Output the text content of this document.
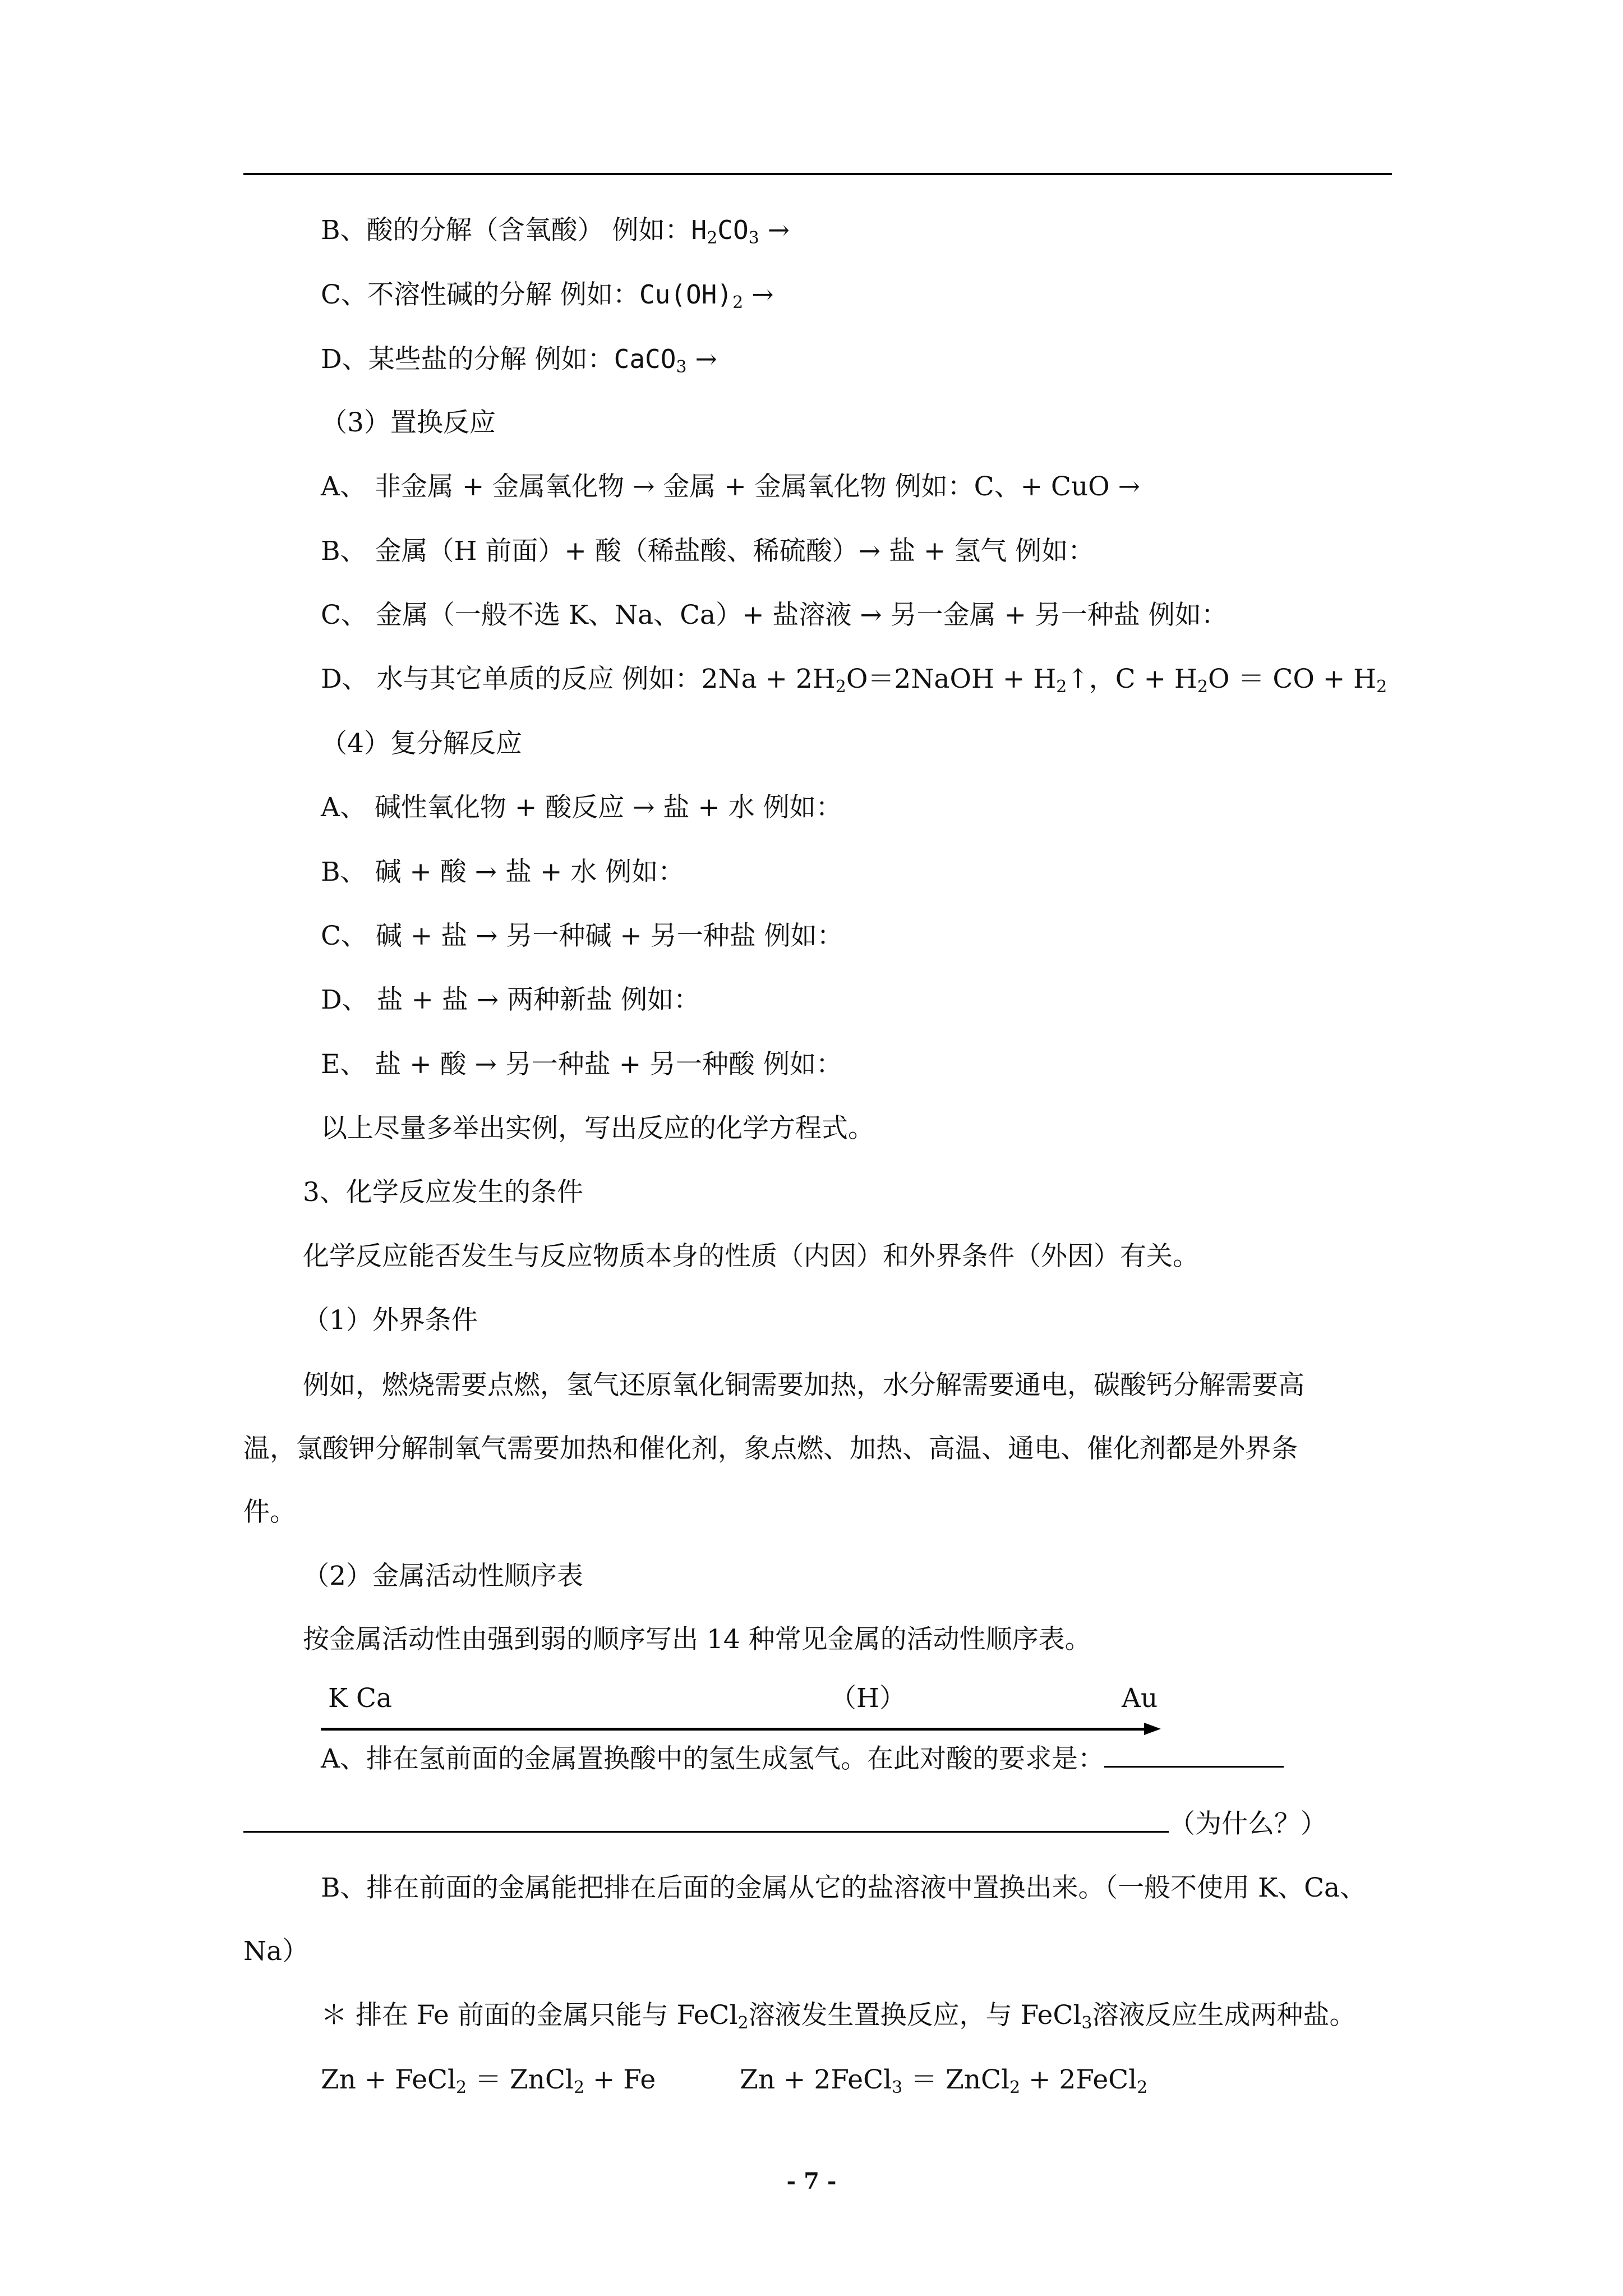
B、酸的分解（含氧酸） 例如：$H_2CO_3$ →

C、不溶性碱的分解 例如：$Cu(OH)_2$ →

D、某些盐的分解 例如：CaCO$_3$ →

（3）置换反应

A、 非金属 + 金属氧化物 → 金属 + 金属氧化物 例如：C、+ CuO →

B、 金属（H 前面）+ 酸（稀盐酸、稀硫酸）→ 盐 + 氢气 例如：

C、 金属（一般不选 K、Na、Ca）+ 盐溶液 → 另一金属 + 另一种盐 例如：

D、 水与其它单质的反应 例如：$2Na + 2H_2O=2NaOH$ + $H_2↑$，$C + H_2O$ ＝ CO + $H_2$

（4）复分解反应

A、 碱性氧化物 + 酸反应 → 盐 + 水 例如：

B、 碱 + 酸 → 盐 + 水 例如：

C、 碱 + 盐 → 另一种碱 + 另一种盐 例如：

D、 盐 + 盐 → 两种新盐 例如：

E、 盐 + 酸 → 另一种盐 + 另一种酸 例如：

以上尽量多举出实例，写出反应的化学方程式。

3、化学反应发生的条件

化学反应能否发生与反应物质本身的性质（内因）和外界条件（外因）有关。

（1）外界条件

例如，燃烧需要点燃，氢气还原氧化铜需要加热，水分解需要通电，碳酸钙分解需要高

温，氯酸钾分解制氧气需要加热和催化剂，象点燃、加热、高温、通电、催化剂都是外界条

件。

（2）金属活动性顺序表

按金属活动性由强到弱的顺序写出 14 种常见金属的活动性顺序表。

K Ca	（H）	Au

A、排在氢前面的金属置换酸中的氢生成氢气。在此对酸的要求是：

（为什么？）

B、排在前面的金属能把排在后面的金属从它的盐溶液中置换出来。（一般不使用 K、Ca、

Na）

＊ 排在 Fe 前面的金属只能与 FeCl$_2$溶液发生置换反应，与 FeCl$_3$溶液反应生成两种盐。

Zn + FeCl$_2$ ＝ ZnCl$_2$ + Fe	Zn + 2FeCl$_3$ ＝ ZnCl$_2$ + 2FeCl$_2$

- 7 -
